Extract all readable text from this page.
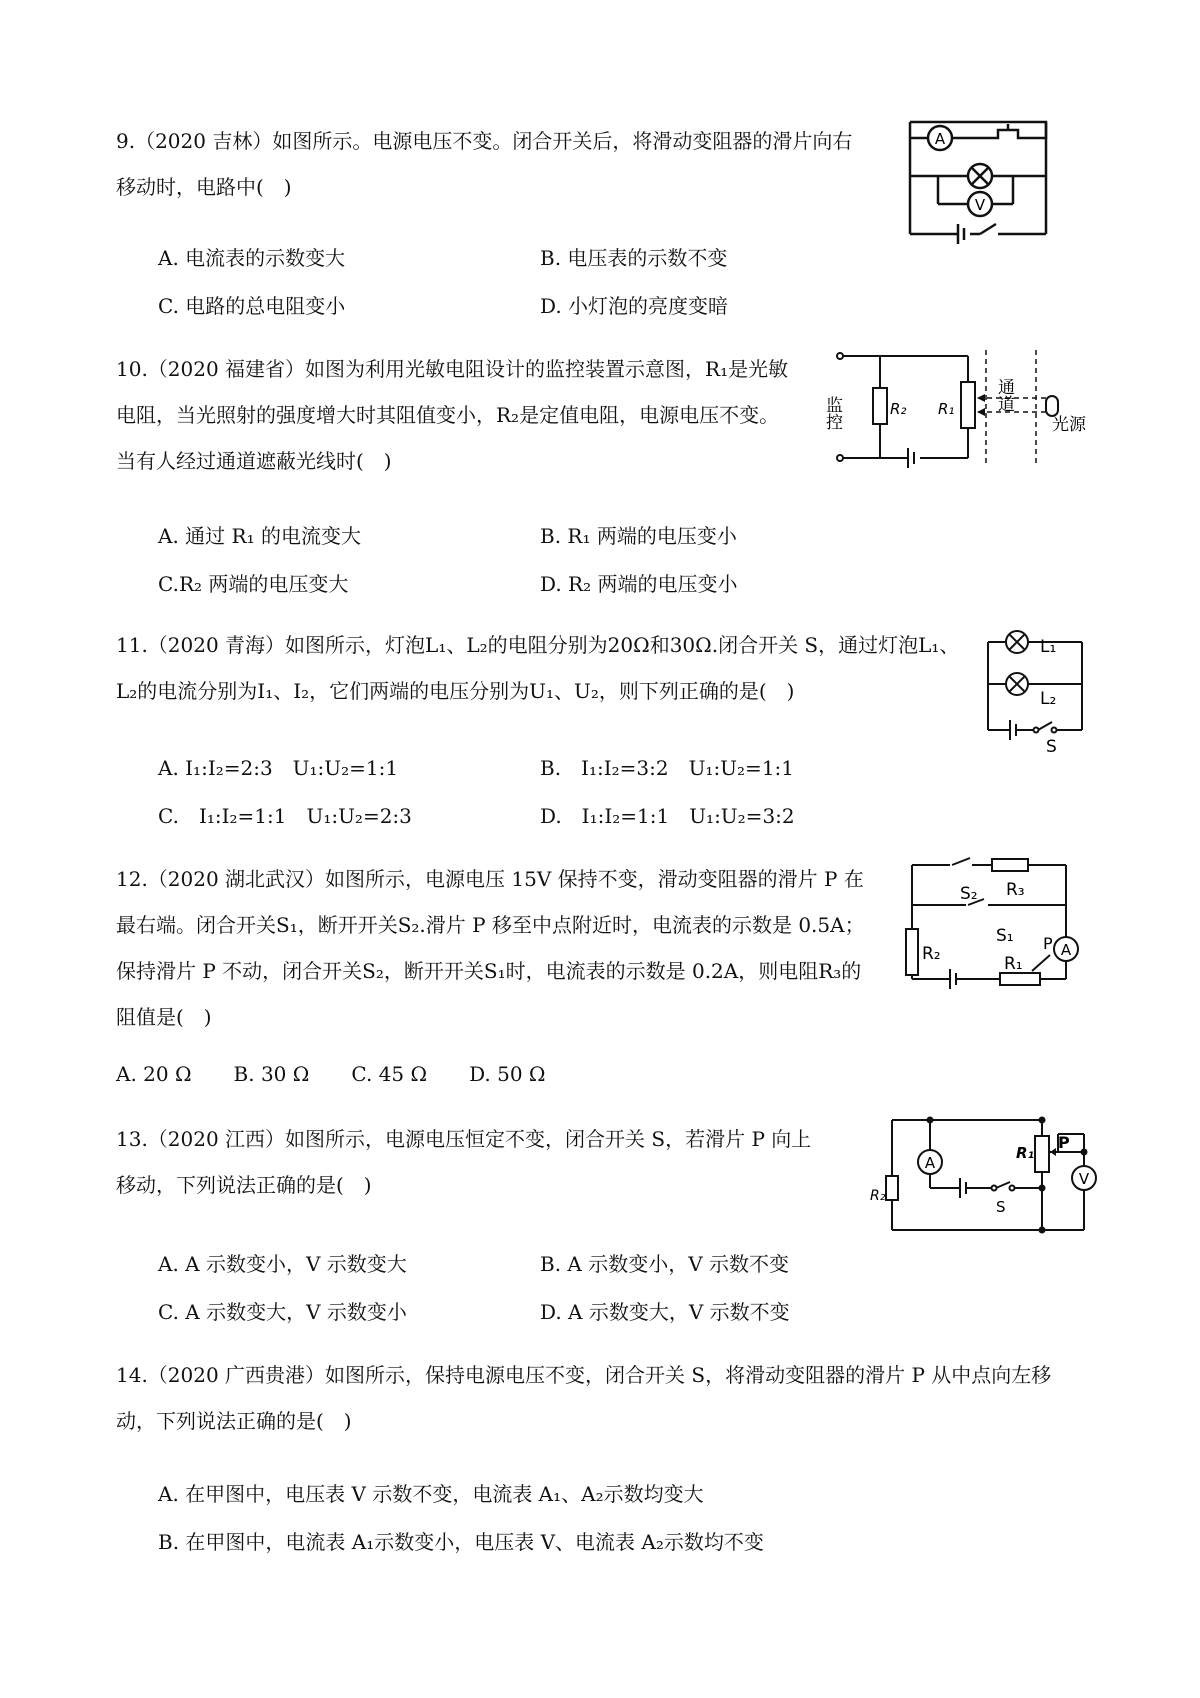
9.（2020 吉林）如图所示。电源电压不变。闭合开关后，将滑动变阻器的滑片向右
移动时，电路中(　)
A
V
A. 电流表的示数变大	B. 电压表的示数不变
C. 电路的总电阻变小	D. 小灯泡的亮度变暗
10.（2020 福建省）如图为利用光敏电阻设计的监控装置示意图，R₁是光敏
电阻，当光照射的强度增大时其阻值变小，R₂是定值电阻，电源电压不变。
当有人经过通道遮蔽光线时(　)
监控	R₂ R₁ 通道
光源
A. 通过 R₁ 的电流变大	B. R₁ 两端的电压变小
C.R₂ 两端的电压变大	D. R₂ 两端的电压变小
11.（2020 青海）如图所示，灯泡L₁、L₂的电阻分别为20Ω和30Ω.闭合开关 S，通过灯泡L₁、
L₂的电流分别为I₁、I₂，它们两端的电压分别为U₁、U₂，则下列正确的是(　)
L₁
L₂
S
A. I₁:I₂=2:3　U₁:U₂=1:1	B.　I₁:I₂=3:2　U₁:U₂=1:1
C.　I₁:I₂=1:1　U₁:U₂=2:3	D.　I₁:I₂=1:1　U₁:U₂=3:2
12.（2020 湖北武汉）如图所示，电源电压 15V 保持不变，滑动变阻器的滑片 P 在
最右端。闭合开关S₁，断开开关S₂.滑片 P 移至中点附近时，电流表的示数是 0.5A；
保持滑片 P 不动，闭合开关S₂，断开开关S₁时，电流表的示数是 0.2A，则电阻R₃的
阻值是(　)
S₂ R₃
S₁ P A
R₂	R₁
A. 20 Ω B. 30 Ω C. 45 Ω D. 50 Ω
13.（2020 江西）如图所示，电源电压恒定不变，闭合开关 S，若滑片 P 向上
移动，下列说法正确的是(　)	R₂
R₁
P
A
V
S
A. A 示数变小，V 示数变大	B. A 示数变小，V 示数不变
C. A 示数变大，V 示数变小	D. A 示数变大，V 示数不变
14.（2020 广西贵港）如图所示，保持电源电压不变，闭合开关 S，将滑动变阻器的滑片 P 从中点向左移
动，下列说法正确的是(　)
A. 在甲图中，电压表 V 示数不变，电流表 A₁、A₂示数均变大
B. 在甲图中，电流表 A₁示数变小，电压表 V、电流表 A₂示数均不变
